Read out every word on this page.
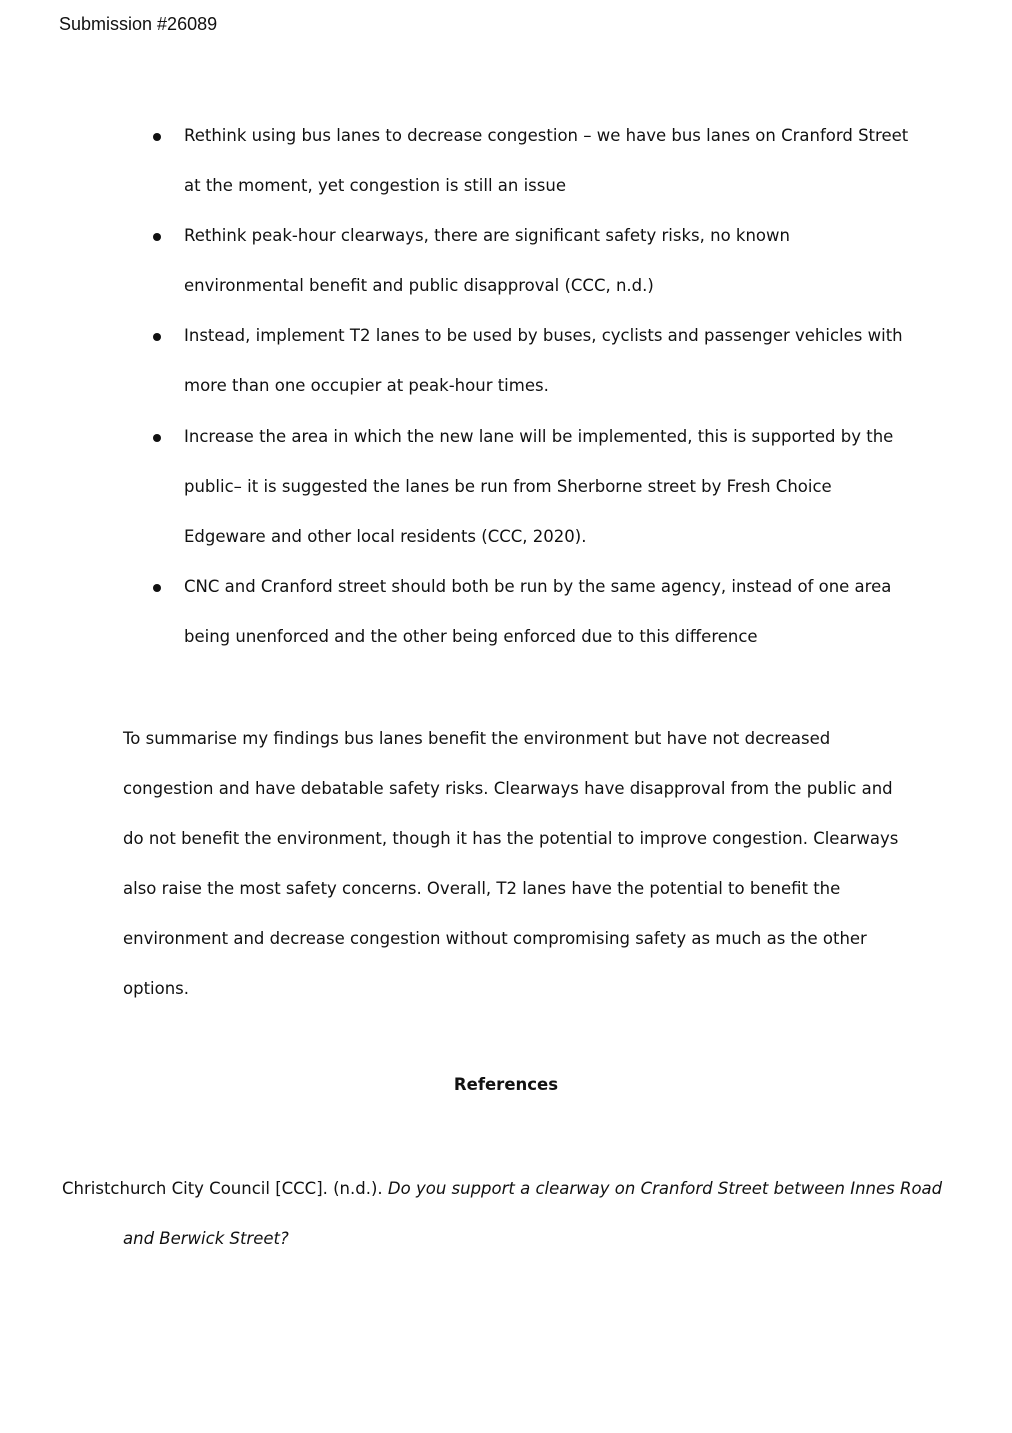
Submission #26089
Rethink using bus lanes to decrease congestion – we have bus lanes on Cranford Street at the moment, yet congestion is still an issue
Rethink peak-hour clearways, there are significant safety risks, no known environmental benefit and public disapproval (CCC, n.d.)
Instead, implement T2 lanes to be used by buses, cyclists and passenger vehicles with more than one occupier at peak-hour times.
Increase the area in which the new lane will be implemented, this is supported by the public– it is suggested the lanes be run from Sherborne street by Fresh Choice Edgeware and other local residents (CCC, 2020).
CNC and Cranford street should both be run by the same agency, instead of one area being unenforced and the other being enforced due to this difference

To summarise my findings bus lanes benefit the environment but have not decreased congestion and have debatable safety risks. Clearways have disapproval from the public and do not benefit the environment, though it has the potential to improve congestion. Clearways also raise the most safety concerns. Overall, T2 lanes have the potential to benefit the environment and decrease congestion without compromising safety as much as the other options.

References

Christchurch City Council [CCC]. (n.d.). Do you support a clearway on Cranford Street between Innes Road and Berwick Street?
